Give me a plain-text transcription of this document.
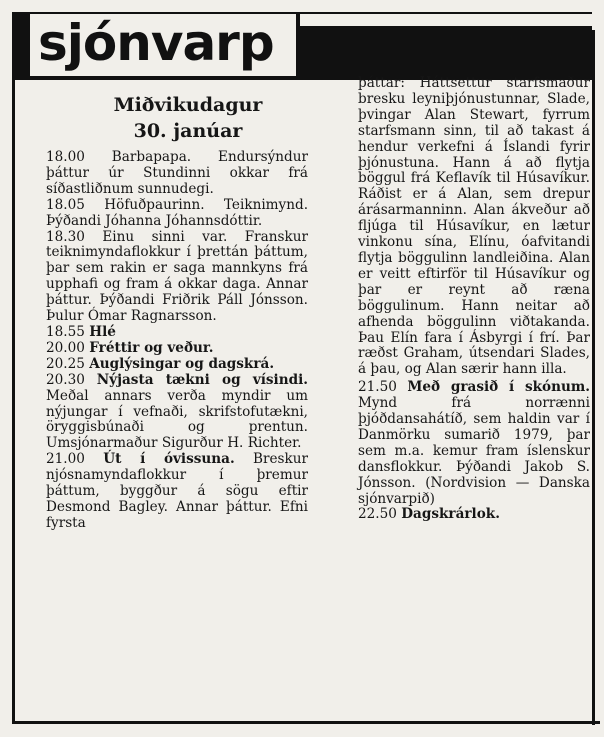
sjónvarp
Miðvikudagur
30. janúar

18.00 Barbapapa. Endursýndur þáttur úr Stundinni okkar frá síðastliðnum sunnudegi.

18.05 Höfuðpaurinn. Teiknimynd. Þýðandi Jóhanna Jóhannsdóttir.

18.30 Einu sinni var. Franskur teiknimyndaflokkur í þrettán þáttum, þar sem rakin er saga mannkyns frá upphafi og fram á okkar daga. Annar þáttur. Þýðandi Friðrik Páll Jónsson. Þulur Ómar Ragnarsson.

18.55 Hlé

20.00 Fréttir og veður.

20.25 Auglýsingar og dagskrá.

20.30 Nýjasta tækni og vísindi. Meðal annars verða myndir um nýjungar í vefnaði, skrifstofutækni, öryggisbúnaði og prentun. Umsjónarmaður Sigurður H. Richter.

21.00 Út í óvissuna. Breskur njósnamyndaflokkur í þremur þáttum, byggður á sögu eftir Desmond Bagley. Annar þáttur. Efni fyrsta

þáttar: Háttsettur starfsmaður bresku leyniþjónustunnar, Slade, þvingar Alan Stewart, fyrrum starfsmann sinn, til að takast á hendur verkefni á Íslandi fyrir þjónustuna. Hann á að flytja böggul frá Keflavík til Húsavíkur. Ráðist er á Alan, sem drepur árásarmanninn. Alan ákveður að fljúga til Húsavíkur, en lætur vinkonu sína, Elínu, óafvitandi flytja böggulinn landleiðina. Alan er veitt eftirför til Húsavíkur og þar er reynt að ræna böggulinum. Hann neitar að afhenda böggulinn viðtakanda. Þau Elín fara í Ásbyrgi í frí. Þar ræðst Graham, útsendari Slades, á þau, og Alan særir hann illa.

21.50 Með grasið í skónum. Mynd frá norrænni þjóðdansahátíð, sem haldin var í Danmörku sumarið 1979, þar sem m.a. kemur fram íslenskur dansflokkur. Þýðandi Jakob S. Jónsson. (Nordvision — Danska sjónvarpið)

22.50 Dagskrárlok.
